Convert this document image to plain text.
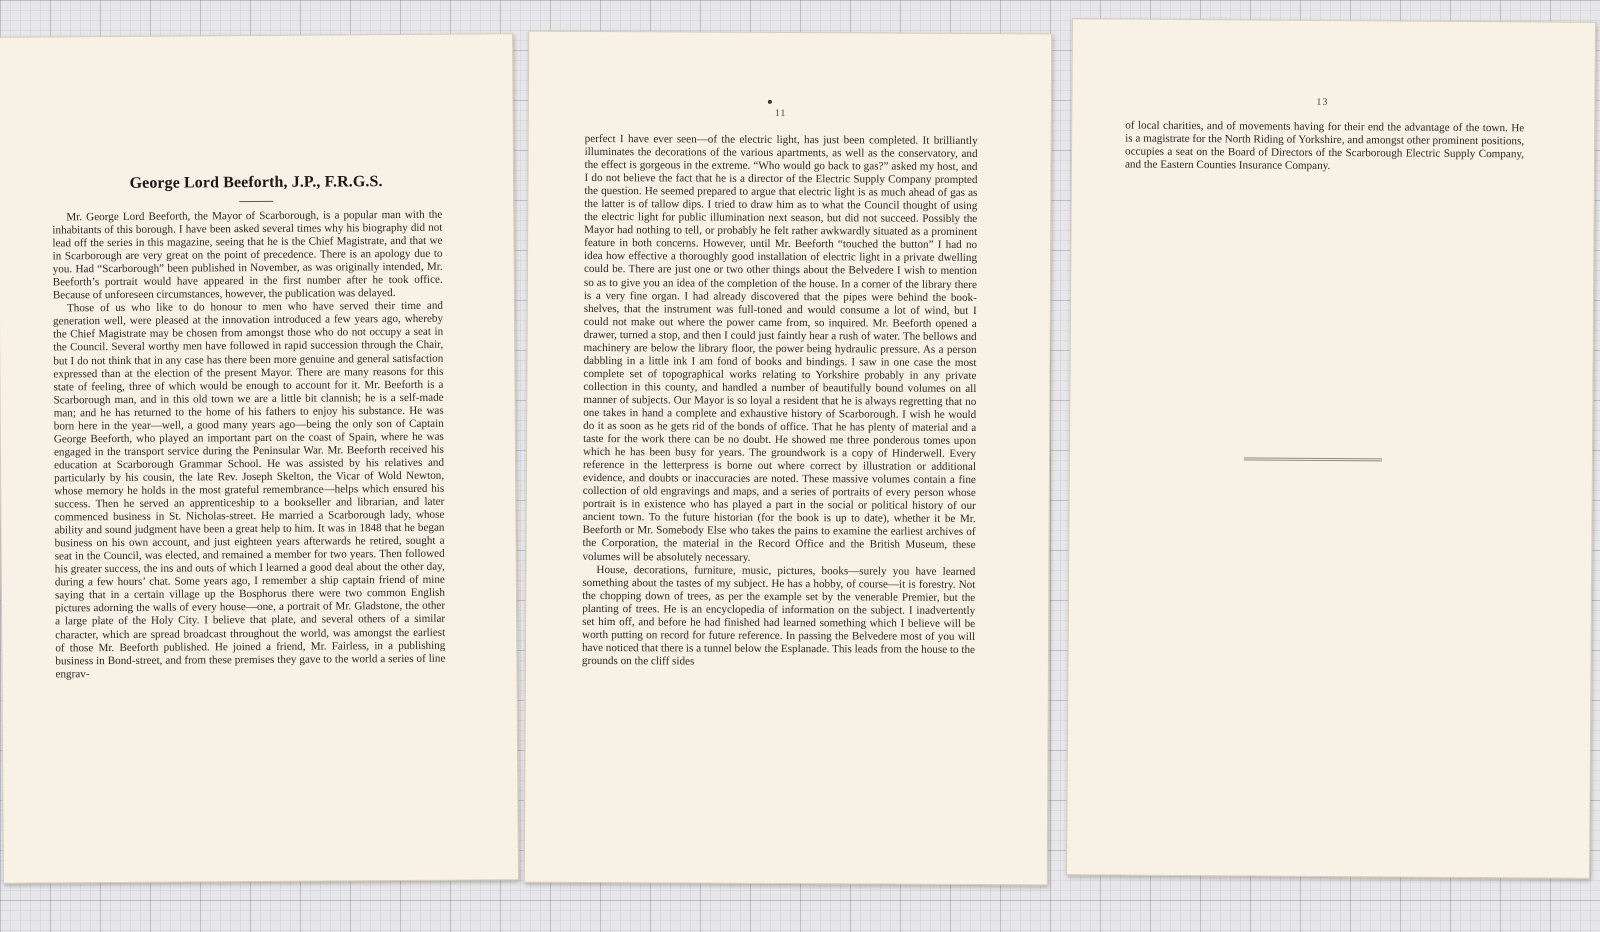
George Lord Beeforth, J.P., F.R.G.S.

Mr. George Lord Beeforth, the Mayor of Scarborough, is a popular man with the inhabitants of this borough. I have been asked several times why his biography did not lead off the series in this magazine, seeing that he is the Chief Magistrate, and that we in Scarborough are very great on the point of precedence. There is an apology due to you. Had “Scarborough” been published in November, as was originally intended, Mr. Beeforth’s portrait would have appeared in the first number after he took office. Because of unforeseen circumstances, however, the publication was delayed.

Those of us who like to do honour to men who have served their time and generation well, were pleased at the innovation introduced a few years ago, whereby the Chief Magistrate may be chosen from amongst those who do not occupy a seat in the Council. Several worthy men have followed in rapid succession through the Chair, but I do not think that in any case has there been more genuine and general satisfaction expressed than at the election of the present Mayor. There are many reasons for this state of feeling, three of which would be enough to account for it. Mr. Beeforth is a Scarborough man, and in this old town we are a little bit clannish; he is a self-made man; and he has returned to the home of his fathers to enjoy his substance. He was born here in the year—well, a good many years ago—being the only son of Captain George Beeforth, who played an important part on the coast of Spain, where he was engaged in the transport service during the Peninsular War. Mr. Beeforth received his education at Scarborough Grammar School. He was assisted by his relatives and particularly by his cousin, the late Rev. Joseph Skelton, the Vicar of Wold Newton, whose memory he holds in the most grateful remembrance—helps which ensured his success. Then he served an apprenticeship to a bookseller and librarian, and later commenced business in St. Nicholas-street. He married a Scarborough lady, whose ability and sound judgment have been a great help to him. It was in 1848 that he began business on his own account, and just eighteen years afterwards he retired, sought a seat in the Council, was elected, and remained a member for two years. Then followed his greater success, the ins and outs of which I learned a good deal about the other day, during a few hours’ chat. Some years ago, I remember a ship captain friend of mine saying that in a certain village up the Bosphorus there were two common English pictures adorning the walls of every house—one, a portrait of Mr. Gladstone, the other a large plate of the Holy City. I believe that plate, and several others of a similar character, which are spread broadcast throughout the world, was amongst the earliest of those Mr. Beeforth published. He joined a friend, Mr. Fairless, in a publishing business in Bond-street, and from these premises they gave to the world a series of line engrav-

11

perfect I have ever seen—of the electric light, has just been completed. It brilliantly illuminates the decorations of the various apartments, as well as the conservatory, and the effect is gorgeous in the extreme. “Who would go back to gas?” asked my host, and I do not believe the fact that he is a director of the Electric Supply Company prompted the question. He seemed prepared to argue that electric light is as much ahead of gas as the latter is of tallow dips. I tried to draw him as to what the Council thought of using the electric light for public illumination next season, but did not succeed. Possibly the Mayor had nothing to tell, or probably he felt rather awkwardly situated as a prominent feature in both concerns. However, until Mr. Beeforth “touched the button” I had no idea how effective a thoroughly good installation of electric light in a private dwelling could be. There are just one or two other things about the Belvedere I wish to mention so as to give you an idea of the completion of the house. In a corner of the library there is a very fine organ. I had already discovered that the pipes were behind the book-shelves, that the instrument was full-toned and would consume a lot of wind, but I could not make out where the power came from, so inquired. Mr. Beeforth opened a drawer, turned a stop, and then I could just faintly hear a rush of water. The bellows and machinery are below the library floor, the power being hydraulic pressure. As a person dabbling in a little ink I am fond of books and bindings. I saw in one case the most complete set of topographical works relating to Yorkshire probably in any private collection in this county, and handled a number of beautifully bound volumes on all manner of subjects. Our Mayor is so loyal a resident that he is always regretting that no one takes in hand a complete and exhaustive history of Scarborough. I wish he would do it as soon as he gets rid of the bonds of office. That he has plenty of material and a taste for the work there can be no doubt. He showed me three ponderous tomes upon which he has been busy for years. The groundwork is a copy of Hinderwell. Every reference in the letterpress is borne out where correct by illustration or additional evidence, and doubts or inaccuracies are noted. These massive volumes contain a fine collection of old engravings and maps, and a series of portraits of every person whose portrait is in existence who has played a part in the social or political history of our ancient town. To the future historian (for the book is up to date), whether it be Mr. Beeforth or Mr. Somebody Else who takes the pains to examine the earliest archives of the Corporation, the material in the Record Office and the British Museum, these volumes will be absolutely necessary.

House, decorations, furniture, music, pictures, books—surely you have learned something about the tastes of my subject. He has a hobby, of course—it is forestry. Not the chopping down of trees, as per the example set by the venerable Premier, but the planting of trees. He is an encyclopedia of information on the subject. I inadvertently set him off, and before he had finished had learned something which I believe will be worth putting on record for future reference. In passing the Belvedere most of you will have noticed that there is a tunnel below the Esplanade. This leads from the house to the grounds on the cliff sides

13

of local charities, and of movements having for their end the advantage of the town. He is a magistrate for the North Riding of Yorkshire, and amongst other prominent positions, occupies a seat on the Board of Directors of the Scarborough Electric Supply Company, and the Eastern Counties Insurance Company.
